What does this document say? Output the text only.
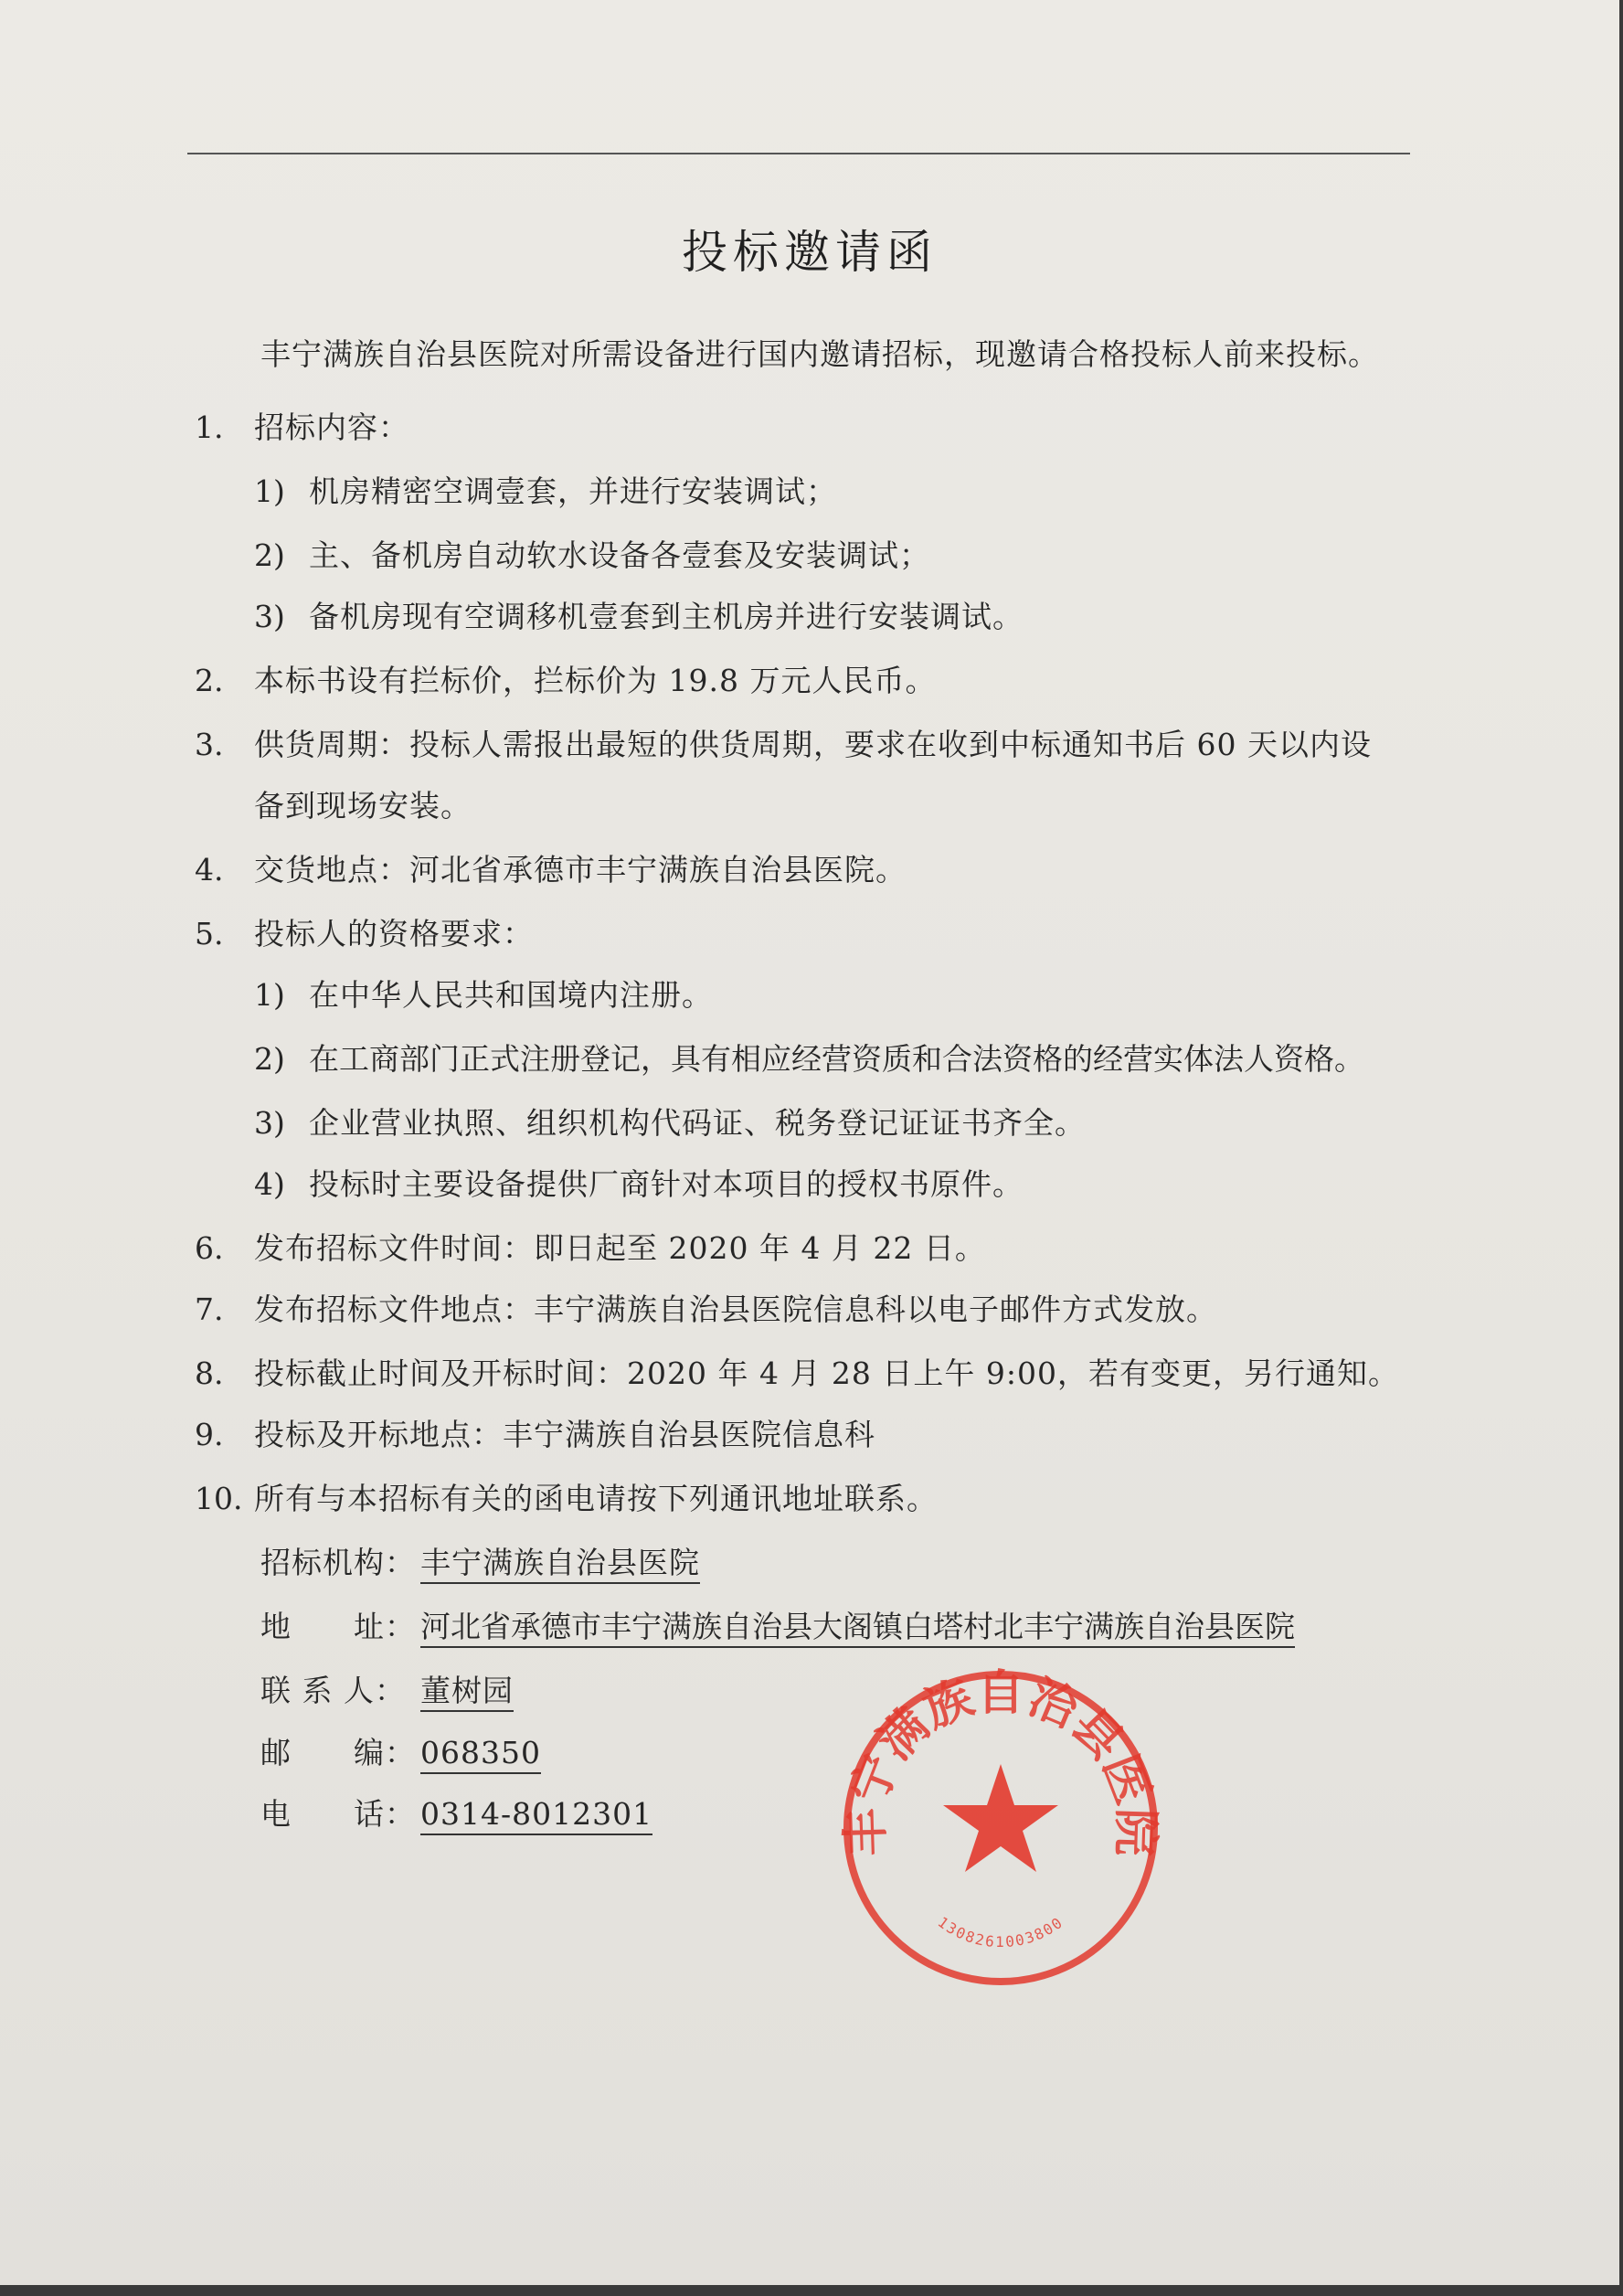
投标邀请函
丰宁满族自治县医院对所需设备进行国内邀请招标，现邀请合格投标人前来投标。
1. 招标内容：
1) 机房精密空调壹套，并进行安装调试；
2) 主、备机房自动软水设备各壹套及安装调试；
3) 备机房现有空调移机壹套到主机房并进行安装调试。
2. 本标书设有拦标价，拦标价为 19.8 万元人民币。
3. 供货周期：投标人需报出最短的供货周期，要求在收到中标通知书后 60 天以内设
备到现场安装。
4. 交货地点：河北省承德市丰宁满族自治县医院。
5. 投标人的资格要求：
1) 在中华人民共和国境内注册。
2) 在工商部门正式注册登记，具有相应经营资质和合法资格的经营实体法人资格。
3) 企业营业执照、组织机构代码证、税务登记证证书齐全。
4) 投标时主要设备提供厂商针对本项目的授权书原件。
6. 发布招标文件时间：即日起至 2020 年 4 月 22 日。
7. 发布招标文件地点：丰宁满族自治县医院信息科以电子邮件方式发放。
8. 投标截止时间及开标时间：2020 年 4 月 28 日上午 9:00，若有变更，另行通知。
9. 投标及开标地点：丰宁满族自治县医院信息科
10. 所有与本招标有关的函电请按下列通讯地址联系。
招标机构： 丰宁满族自治县医院
地　　址： 河北省承德市丰宁满族自治县大阁镇白塔村北丰宁满族自治县医院
联 系 人： 董树园
邮　　编： 068350
电　　话： 0314-8012301	丰宁满族自治县医院
1308261003800
